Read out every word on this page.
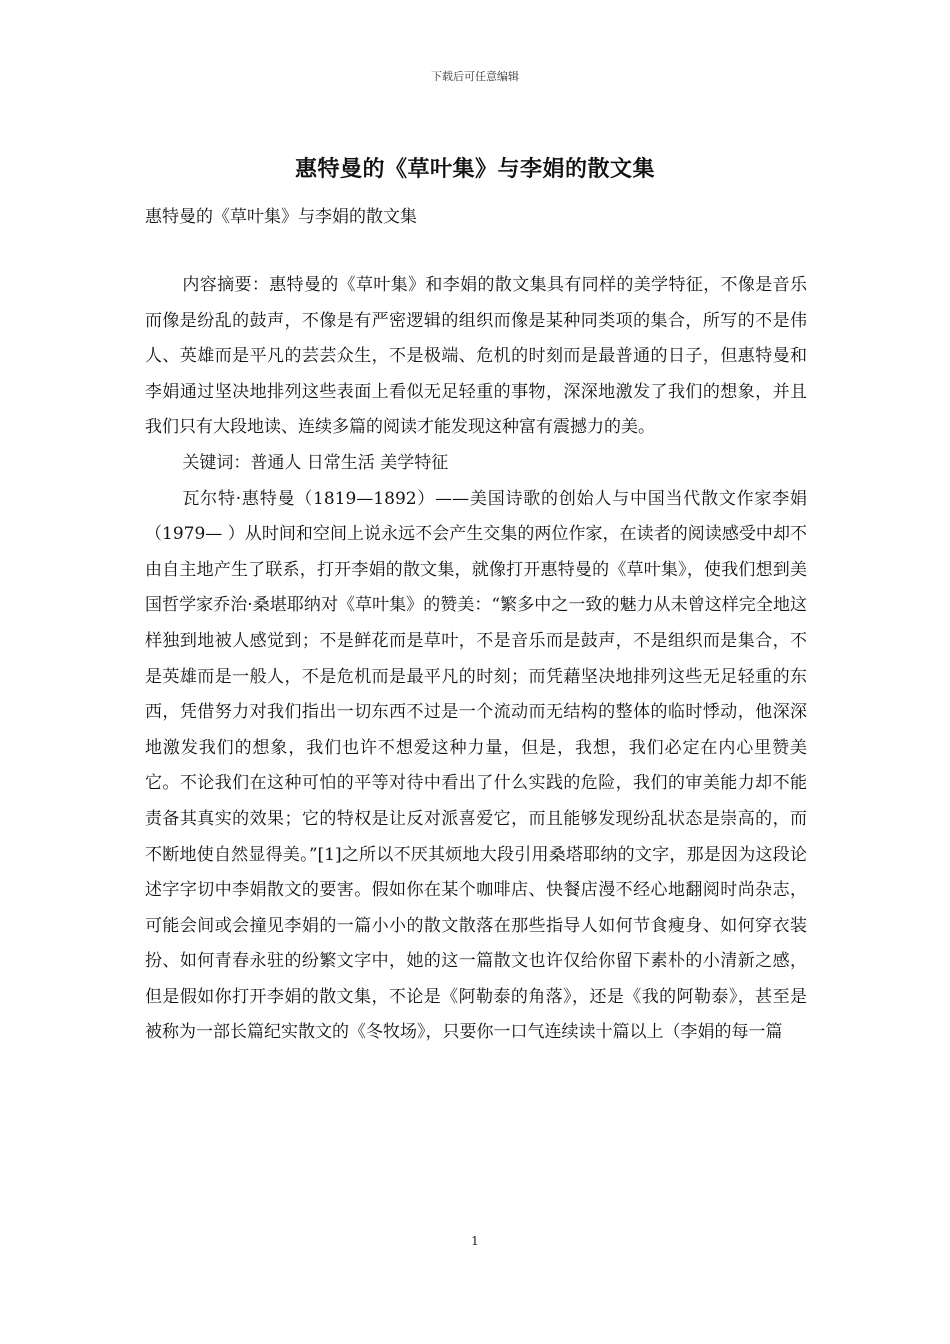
下载后可任意编辑
惠特曼的《草叶集》与李娟的散文集
惠特曼的《草叶集》与李娟的散文集

内容摘要：惠特曼的《草叶集》和李娟的散文集具有同样的美学特征，不像是音乐而像是纷乱的鼓声，不像是有严密逻辑的组织而像是某种同类项的集合，所写的不是伟人、英雄而是平凡的芸芸众生，不是极端、危机的时刻而是最普通的日子，但惠特曼和李娟通过坚决地排列这些表面上看似无足轻重的事物，深深地激发了我们的想象，并且我们只有大段地读、连续多篇的阅读才能发现这种富有震撼力的美。

关键词：普通人 日常生活 美学特征

瓦尔特·惠特曼（1819—1892）——美国诗歌的创始人与中国当代散文作家李娟（1979— ）从时间和空间上说永远不会产生交集的两位作家，在读者的阅读感受中却不由自主地产生了联系，打开李娟的散文集，就像打开惠特曼的《草叶集》，使我们想到美国哲学家乔治·桑堪耶纳对《草叶集》的赞美：“繁多中之一致的魅力从未曾这样完全地这样独到地被人感觉到；不是鲜花而是草叶，不是音乐而是鼓声，不是组织而是集合，不是英雄而是一般人，不是危机而是最平凡的时刻；而凭藉坚决地排列这些无足轻重的东西，凭借努力对我们指出一切东西不过是一个流动而无结构的整体的临时悸动，他深深地激发我们的想象，我们也许不想爱这种力量，但是，我想，我们必定在内心里赞美它。不论我们在这种可怕的平等对待中看出了什么实践的危险，我们的审美能力却不能责备其真实的效果；它的特权是让反对派喜爱它，而且能够发现纷乱状态是崇高的，而不断地使自然显得美。”[1]之所以不厌其烦地大段引用桑塔耶纳的文字，那是因为这段论述字字切中李娟散文的要害。假如你在某个咖啡店、快餐店漫不经心地翻阅时尚杂志，可能会间或会撞见李娟的一篇小小的散文散落在那些指导人如何节食瘦身、如何穿衣装扮、如何青春永驻的纷繁文字中，她的这一篇散文也许仅给你留下素朴的小清新之感，但是假如你打开李娟的散文集，不论是《阿勒泰的角落》，还是《我的阿勒泰》，甚至是被称为一部长篇纪实散文的《冬牧场》，只要你一口气连续读十篇以上（李娟的每一篇

1
